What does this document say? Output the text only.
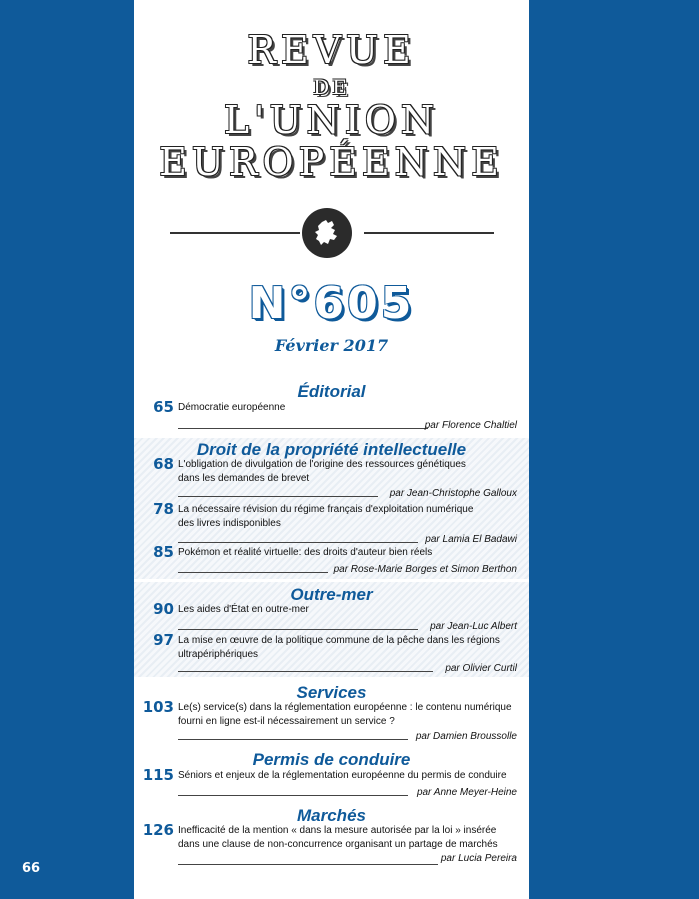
66
REVUE
DE
L'UNION
EUROPÉENNE
N°605
Février 2017
Éditorial
65 Démocratie européenne
par Florence Chaltiel
Droit de la propriété intellectuelle
68 L'obligation de divulgation de l'origine des ressources génétiques
dans les demandes de brevet
par Jean-Christophe Galloux
78 La nécessaire révision du régime français d'exploitation numérique
des livres indisponibles
par Lamia El Badawi
85 Pokémon et réalité virtuelle: des droits d'auteur bien réels
par Rose-Marie Borges et Simon Berthon
Outre-mer
90 Les aides d'État en outre-mer
par Jean-Luc Albert
97 La mise en œuvre de la politique commune de la pêche dans les régions
ultrapériphériques
par Olivier Curtil
Services
103 Le(s) service(s) dans la réglementation européenne : le contenu numérique
fourni en ligne est-il nécessairement un service ?
par Damien Broussolle
Permis de conduire
115 Séniors et enjeux de la réglementation européenne du permis de conduire
par Anne Meyer-Heine
Marchés
126 Inefficacité de la mention « dans la mesure autorisée par la loi » insérée
dans une clause de non-concurrence organisant un partage de marchés
par Lucia Pereira
